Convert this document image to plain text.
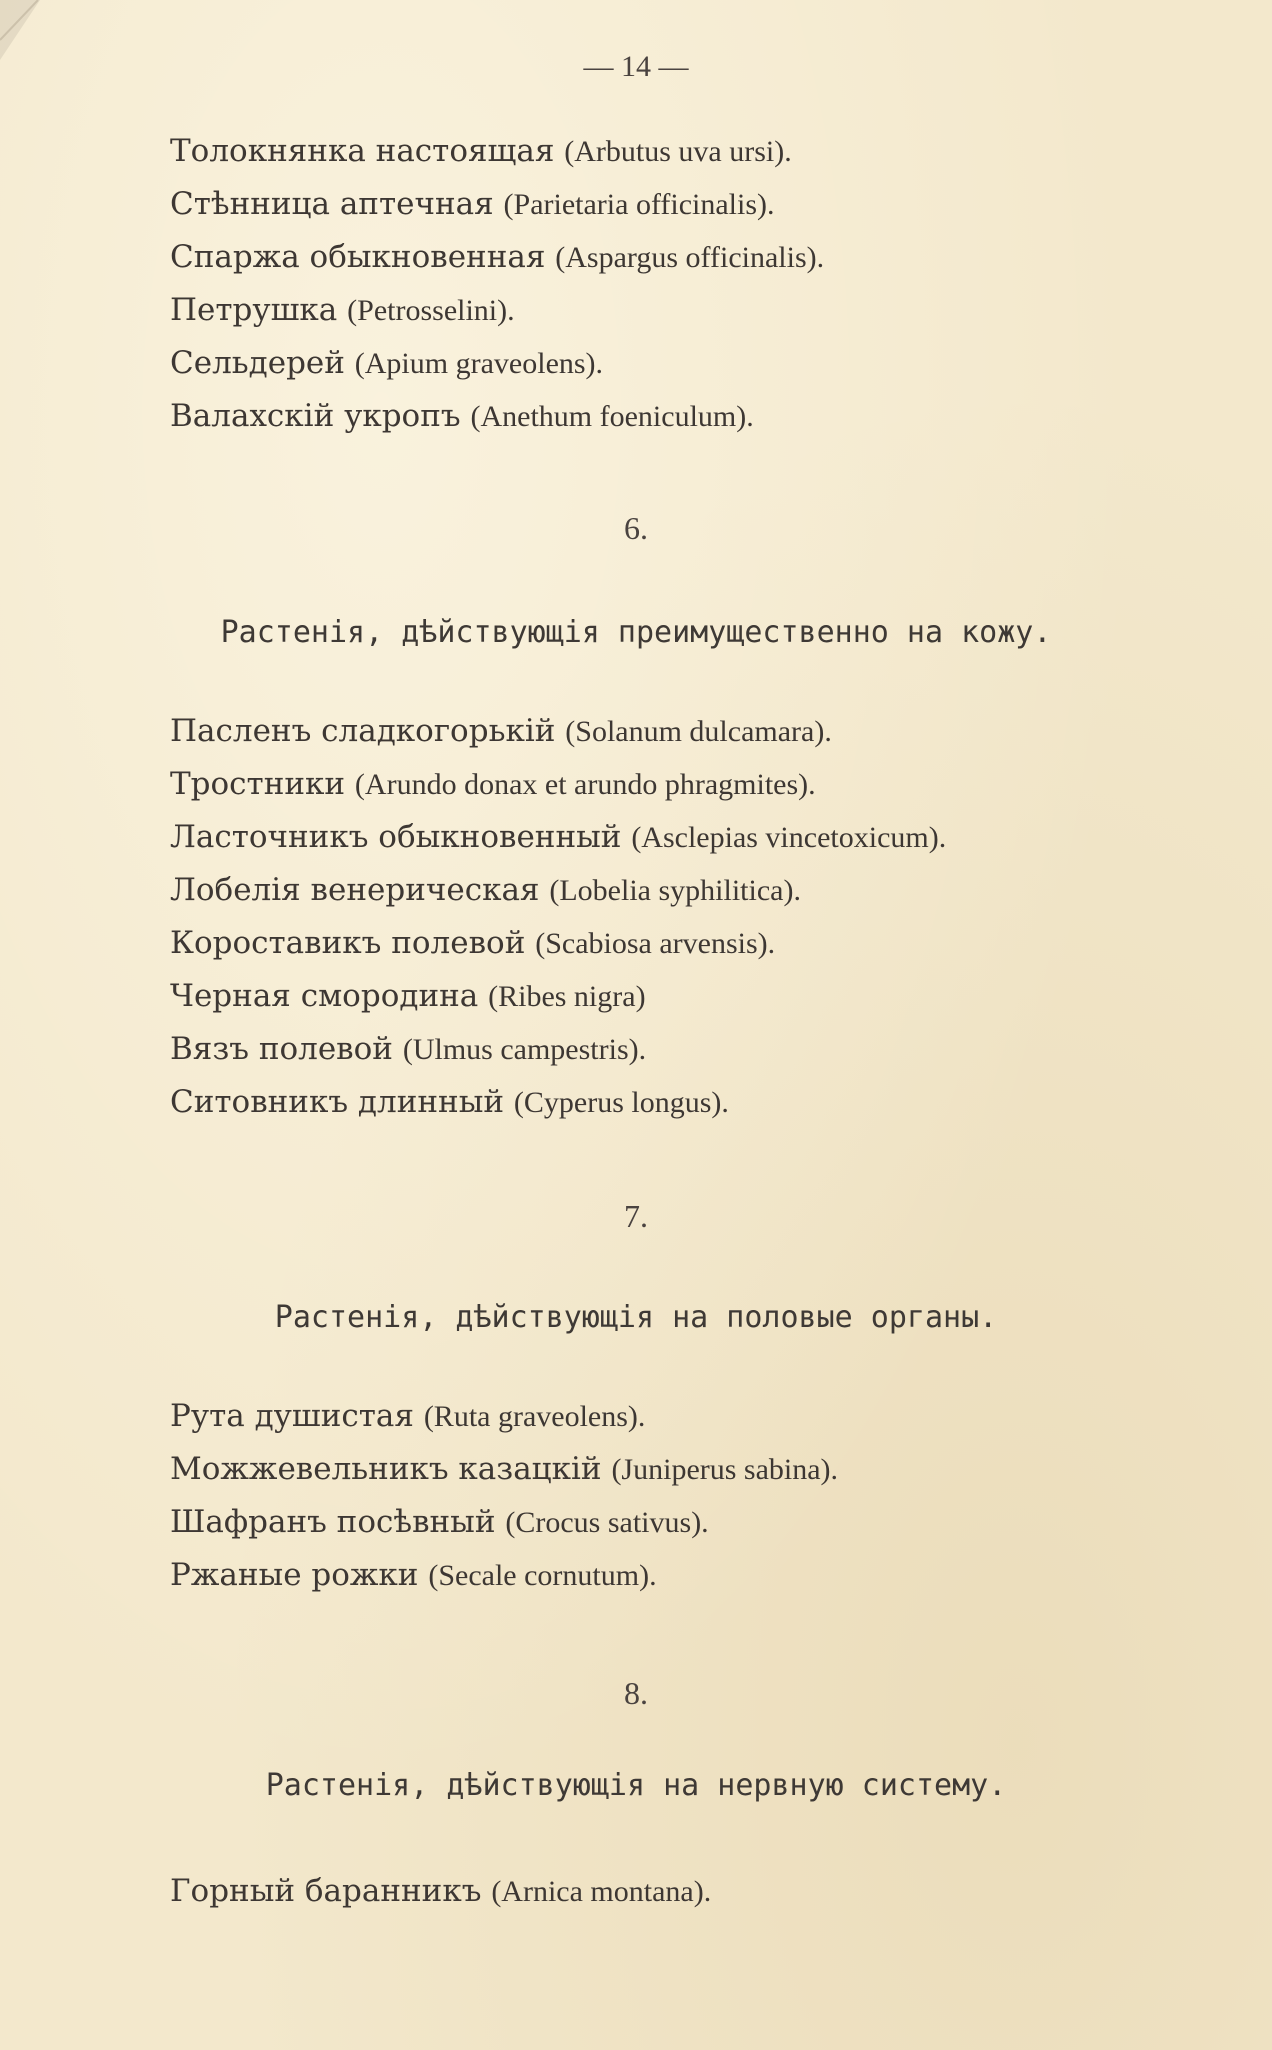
— 14 —
Толокнянка настоящая (Arbutus uva ursi).
Стѣнница аптечная (Parietaria officinalis).
Спаржа обыкновенная (Aspargus officinalis).
Петрушка (Petrosselini).
Сельдерей (Apium graveolens).
Валахскій укропъ (Anethum foeniculum).
6.
Растенія, дѣйствующія преимущественно на кожу.
Пасленъ сладкогорькій (Solanum dulcamara).
Тростники (Arundo donax et arundo phragmites).
Ласточникъ обыкновенный (Asclepias vincetoxicum).
Лобелія венерическая (Lobelia syphilitica).
Короставикъ полевой (Scabiosa arvensis).
Черная смородина (Ribes nigra)
Вязъ полевой (Ulmus campestris).
Ситовникъ длинный (Cyperus longus).
7.
Растенія, дѣйствующія на половые органы.
Рута душистая (Ruta graveolens).
Можжевельникъ казацкій (Juniperus sabina).
Шафранъ посѣвный (Crocus sativus).
Ржаные рожки (Secale cornutum).
8.
Растенія, дѣйствующія на нервную систему.
Горный баранникъ (Arnica montana).
